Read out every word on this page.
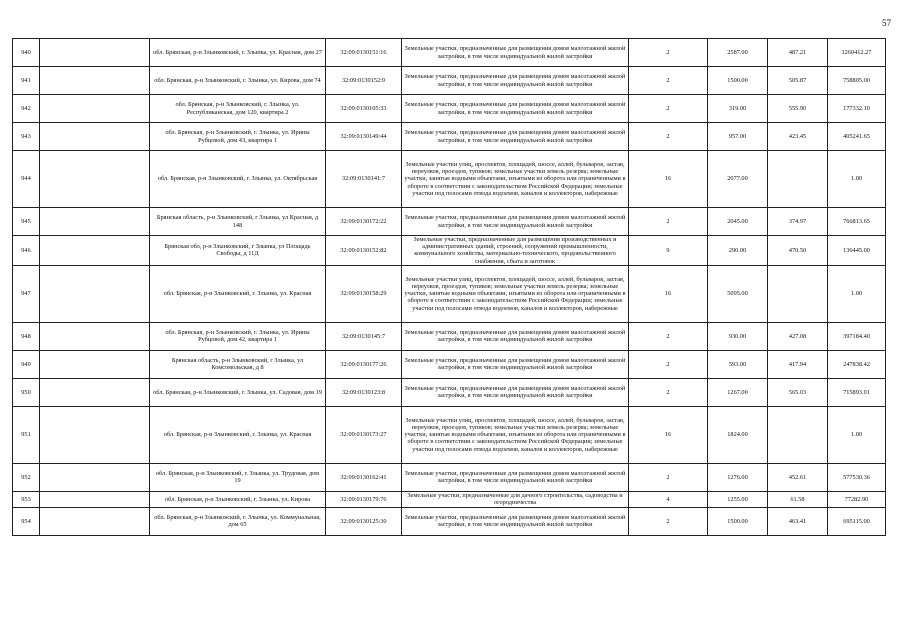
57
940		обл. Брянская, р-н Злынковский, г. Злынка, ул. Красная, дом 27	32:09:0130151:16	Земельные участки, предназначенные для размещения домов малоэтажной жилой застройки, в том числе индивидуальной жилой застройки	2	2587.00	487.21	1260412.27
941		обл. Брянская, р-н Злынковский, г. Злынка, ул. Кирова, дом 74	32:09:0130152:9	Земельные участки, предназначенные для размещения домов малоэтажной жилой застройки, в том числе индивидуальной жилой застройки	2	1500.00	505.87	758805.00
942		обл. Брянская, р-н Злынковский, г. Злынка, ул. Республиканская, дом 120, квартира 2	32:09:0130105:33	Земельные участки, предназначенные для размещения домов малоэтажной жилой застройки, в том числе индивидуальной жилой застройки	2	319.00	555.90	177332.10
943		обл. Брянская, р-н Злынковский, г. Злынка, ул. Ирины Рубцовой, дом 43, квартира 1	32:09:0130149:44	Земельные участки, предназначенные для размещения домов малоэтажной жилой застройки, в том числе индивидуальной жилой застройки	2	957.00	423.45	405241.65
944		обл. Брянская, р-н Злынковский, г. Злынка, ул. Октябрьская	32:09:0130141:7	Земельные участки улиц, проспектов, площадей, шоссе, аллей, бульваров, застав, переулков, проездов, тупиков; земельные участки земель резерва; земельные участки, занятые водными объектами, изъятыми из оборота или ограниченными в обороте в соответствии с законодательством Российской Федерации; земельные участки под полосами отвода водоемов, каналов и коллекторов, набережные	16	2077.00		1.00
945		Брянская область, р-н Злынковский, г Злынка, ул Красная, д 148	32:09:0130172:22	Земельные участки, предназначенные для размещения домов малоэтажной жилой застройки, в том числе индивидуальной жилой застройки	2	2045.00	374.97	766813.65
946		Брянская обл, р-н Злынковский, г Злынка, ул Площадь Свободы, д 11Д	32:09:0130152:82	Земельные участки, предназначенные для размещения производственных и административных зданий, строений, сооружений промышленности, коммунального хозяйства, материально-технического, продовольственного снабжения, сбыта и заготовок	9	290.00	470.50	136445.00
947		обл. Брянская, р-н Злынковский, г. Злынка, ул. Красная	32:09:0130158:29	Земельные участки улиц, проспектов, площадей, шоссе, аллей, бульваров, застав, переулков, проездов, тупиков; земельные участки земель резерва; земельные участки, занятые водными объектами, изъятыми из оборота или ограниченными в обороте в соответствии с законодательством Российской Федерации; земельные участки под полосами отвода водоемов, каналов и коллекторов, набережные	16	5095.00		1.00
948		обл. Брянская, р-н Злынковский, г. Злынка, ул. Ирины Рубцовой, дом 42, квартира 1	32:09:0130145:7	Земельные участки, предназначенные для размещения домов малоэтажной жилой застройки, в том числе индивидуальной жилой застройки	2	930.00	427.08	397184.40
949		Брянская область, р-н Злынковский, г Злынка, ул Комсомольская, д 8	32:09:0130177:26	Земельные участки, предназначенные для размещения домов малоэтажной жилой застройки, в том числе индивидуальной жилой застройки	2	593.00	417.94	247838.42
950		обл. Брянская, р-н Злынковский, г. Злынка, ул. Садовая, дом 19	32:09:0130123:8	Земельные участки, предназначенные для размещения домов малоэтажной жилой застройки, в том числе индивидуальной жилой застройки	2	1267.00	565.03	715893.01
951		обл. Брянская, р-н Злынковский, г. Злынка, ул. Красная	32:09:0130173:27	Земельные участки улиц, проспектов, площадей, шоссе, аллей, бульваров, застав, переулков, проездов, тупиков; земельные участки земель резерва; земельные участки, занятые водными объектами, изъятыми из оборота или ограниченными в обороте в соответствии с законодательством Российской Федерации; земельные участки под полосами отвода водоемов, каналов и коллекторов, набережные	16	1824.00		1.00
952		обл. Брянская, р-н Злынковский, г. Злынка, ул. Трудовая, дом 19	32:09:0130162:41	Земельные участки, предназначенные для размещения домов малоэтажной жилой застройки, в том числе индивидуальной жилой застройки	2	1276.00	452.61	577530.36
953		обл. Брянская, р-н Злынковский, г. Злынка, ул. Кирова	32:09:0130179:76	Земельные участки, предназначенные для дачного строительства, садоводства и огородничества	4	1255.00	61.58	77282.90
954		обл. Брянская, р-н Злынковский, г. Злынка, ул. Коммунальная, дом 65	32:09:0130125:30	Земельные участки, предназначенные для размещения домов малоэтажной жилой застройки, в том числе индивидуальной жилой застройки	2	1500.00	463.41	695115.00
